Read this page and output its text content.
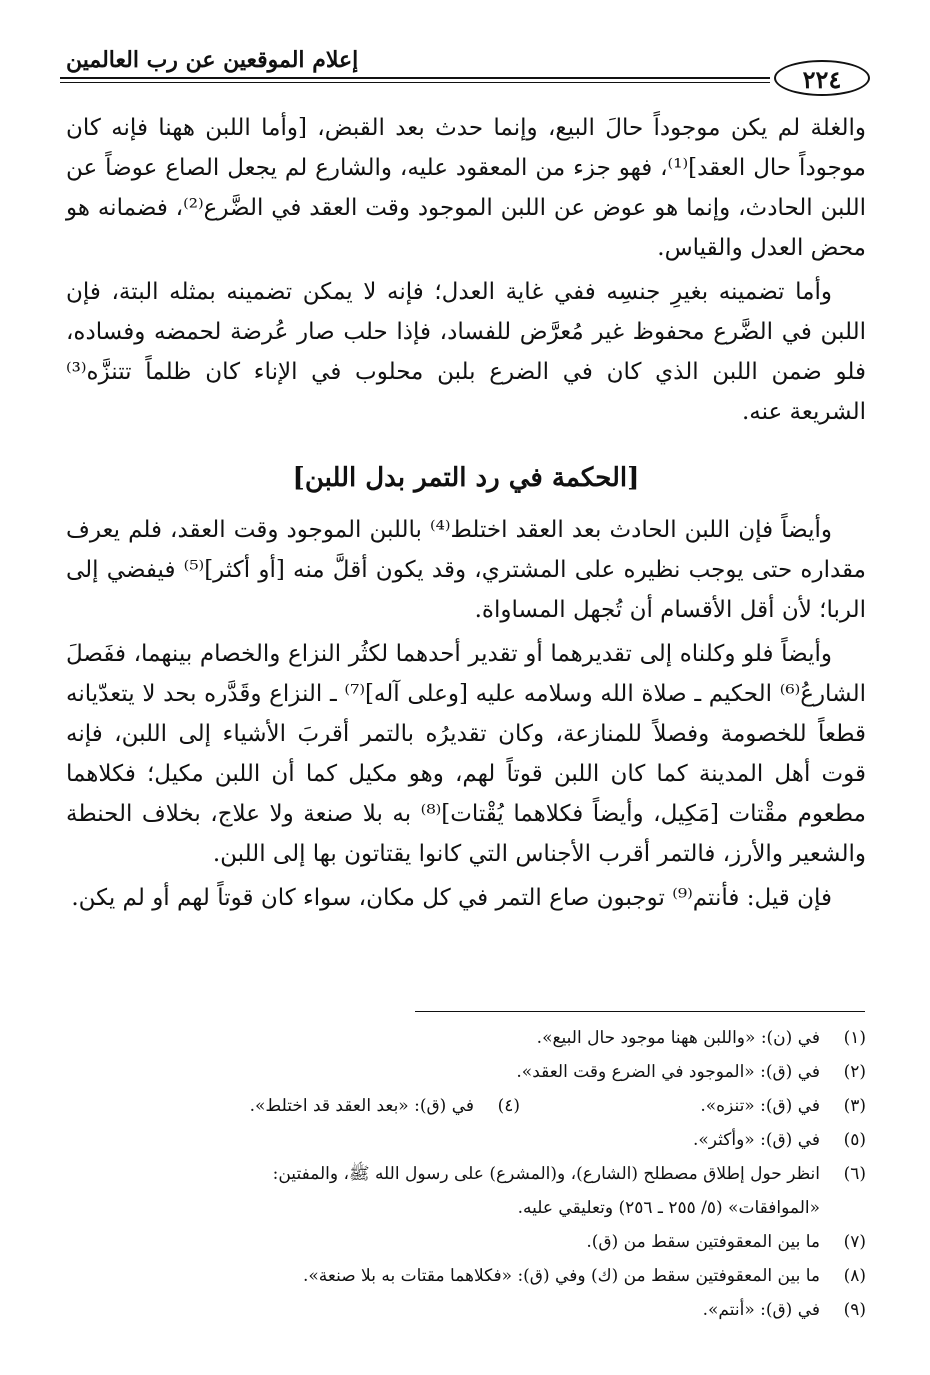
إعلام الموقعين عن رب العالمين
٢٢٤

والغلة لم يكن موجوداً حالَ البيع، وإنما حدث بعد القبض، [وأما اللبن ههنا فإنه كان موجوداً حال العقد]⁽¹⁾، فهو جزء من المعقود عليه، والشارع لم يجعل الصاع عوضاً عن اللبن الحادث، وإنما هو عوض عن اللبن الموجود وقت العقد في الضَّرع⁽²⁾، فضمانه هو محض العدل والقياس.

وأما تضمينه بغيرِ جنسِه ففي غاية العدل؛ فإنه لا يمكن تضمينه بمثله البتة، فإن اللبن في الضَّرع محفوظ غير مُعرَّض للفساد، فإذا حلب صار عُرضة لحمضه وفساده، فلو ضمن اللبن الذي كان في الضرع بلبن محلوب في الإناء كان ظلماً تتنزَّه⁽³⁾ الشريعة عنه.

[الحكمة في رد التمر بدل اللبن]

وأيضاً فإن اللبن الحادث بعد العقد اختلط⁽⁴⁾ باللبن الموجود وقت العقد، فلم يعرف مقداره حتى يوجب نظيره على المشتري، وقد يكون أقلَّ منه [أو أكثر]⁽⁵⁾ فيفضي إلى الربا؛ لأن أقل الأقسام أن تُجهل المساواة.

وأيضاً فلو وكلناه إلى تقديرهما أو تقدير أحدهما لكثُر النزاع والخصام بينهما، ففَصلَ الشارعُ⁽⁶⁾ الحكيم ـ صلاة الله وسلامه عليه [وعلى آله]⁽⁷⁾ ـ النزاع وقَدَّره بحد لا يتعدّيانه قطعاً للخصومة وفصلاً للمنازعة، وكان تقديرُه بالتمر أقربَ الأشياء إلى اللبن، فإنه قوت أهل المدينة كما كان اللبن قوتاً لهم، وهو مكيل كما أن اللبن مكيل؛ فكلاهما مطعوم مقْتات [مَكِيل، وأيضاً فكلاهما يُقْتات]⁽⁸⁾ به بلا صنعة ولا علاج، بخلاف الحنطة والشعير والأرز، فالتمر أقرب الأجناس التي كانوا يقتاتون بها إلى اللبن.

فإن قيل: فأنتم⁽⁹⁾ توجبون صاع التمر في كل مكان، سواء كان قوتاً لهم أو لم يكن.

(١)
في (ن): «واللبن ههنا موجود حال البيع».
(٢)
في (ق): «الموجود في الضرع وقت العقد».
(٣)
في (ق): «تنزه».
(٤)
في (ق): «بعد العقد قد اختلط».
(٥)
في (ق): «وأكثر».
(٦)
انظر حول إطلاق مصطلح (الشارع)، و(المشرع) على رسول الله ﷺ، والمفتين:
«الموافقات» (٥/ ٢٥٥ ـ ٢٥٦) وتعليقي عليه.
(٧)
ما بين المعقوفتين سقط من (ق).
(٨)
ما بين المعقوفتين سقط من (ك) وفي (ق): «فكلاهما مقتات به بلا صنعة».
(٩)
في (ق): «أنتم».
